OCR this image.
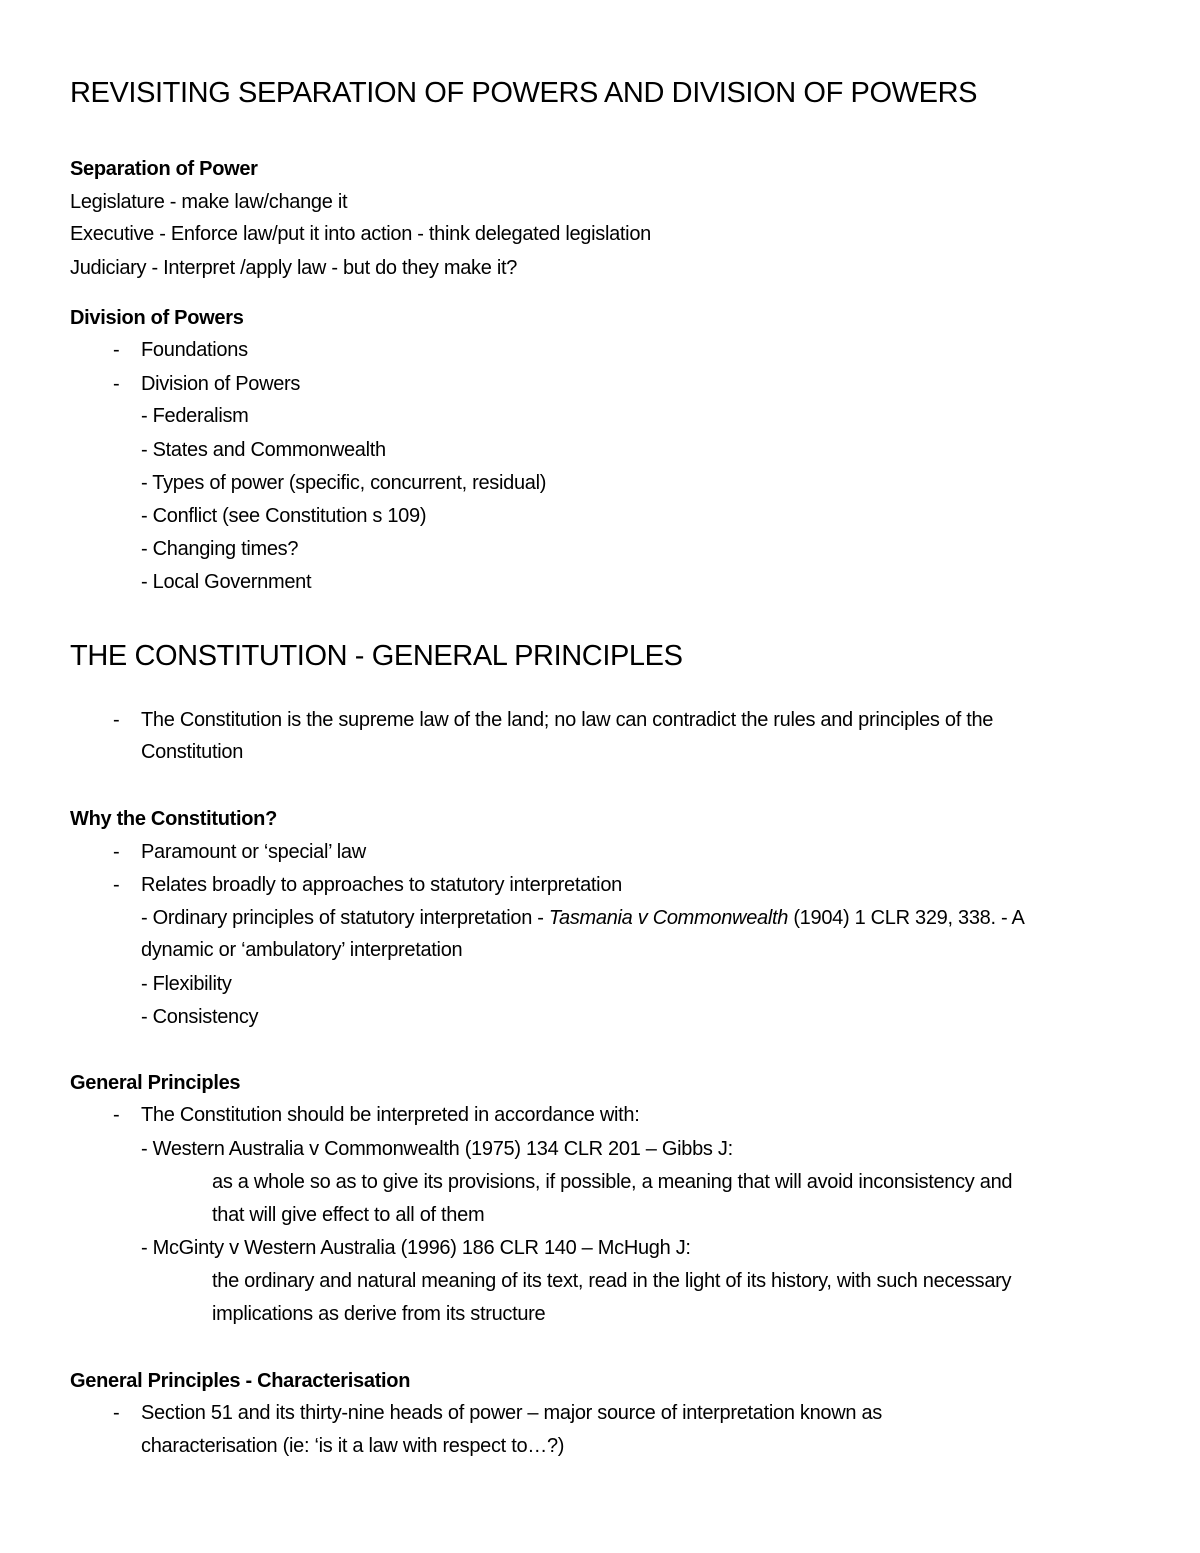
REVISITING SEPARATION OF POWERS AND DIVISION OF POWERS
Separation of Power
Legislature - make law/change it
Executive - Enforce law/put it into action - think delegated legislation
Judiciary - Interpret /apply law - but do they make it?
Division of Powers
- Foundations
- Division of Powers
- Federalism
- States and Commonwealth
- Types of power (specific, concurrent, residual)
- Conflict (see Constitution s 109)
- Changing times?
- Local Government
THE CONSTITUTION - GENERAL PRINCIPLES
- The Constitution is the supreme law of the land; no law can contradict the rules and principles of the
Constitution
Why the Constitution?
- Paramount or ‘special’ law
- Relates broadly to approaches to statutory interpretation
- Ordinary principles of statutory interpretation - Tasmania v Commonwealth (1904) 1 CLR 329, 338. - A
dynamic or ‘ambulatory’ interpretation
- Flexibility
- Consistency
General Principles
- The Constitution should be interpreted in accordance with:
- Western Australia v Commonwealth (1975) 134 CLR 201 – Gibbs J:
as a whole so as to give its provisions, if possible, a meaning that will avoid inconsistency and
that will give effect to all of them
- McGinty v Western Australia (1996) 186 CLR 140 – McHugh J:
the ordinary and natural meaning of its text, read in the light of its history, with such necessary
implications as derive from its structure
General Principles - Characterisation
- Section 51 and its thirty-nine heads of power – major source of interpretation known as
characterisation (ie: ‘is it a law with respect to…?)
